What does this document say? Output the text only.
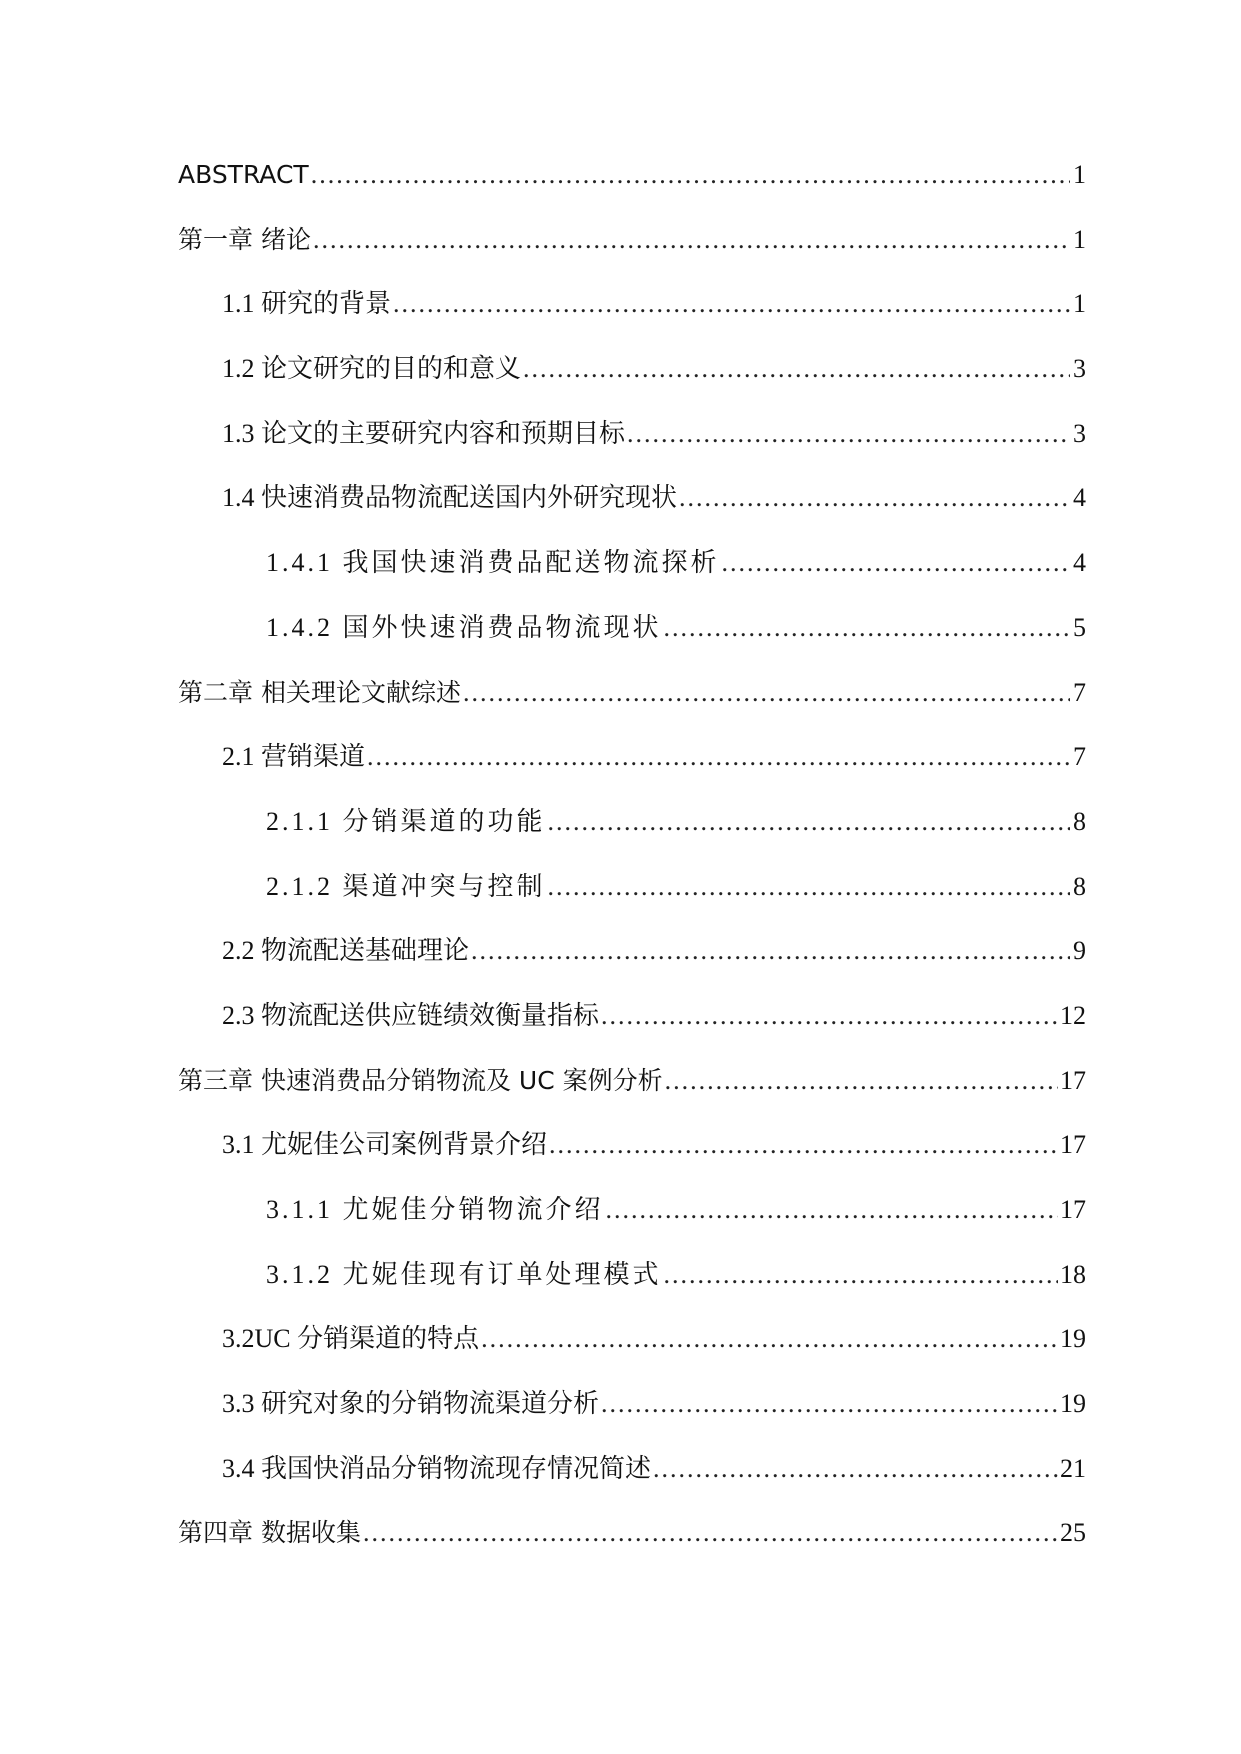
ABSTRACT .....	1
第一章 绪论 .....	1
1.1 研究的背景 .....	1
1.2 论文研究的目的和意义 .....	3
1.3 论文的主要研究内容和预期目标 .....	3
1.4 快速消费品物流配送国内外研究现状 .....	4
1.4.1 我国快速消费品配送物流探析 .....	4
1.4.2 国外快速消费品物流现状 .....	5
第二章 相关理论文献综述 .....	7
2.1 营销渠道 .....	7
2.1.1 分销渠道的功能 .....	8
2.1.2 渠道冲突与控制 .....	8
2.2 物流配送基础理论 .....	9
2.3 物流配送供应链绩效衡量指标 .....	12
第三章 快速消费品分销物流及 UC 案例分析 .....	17
3.1 尤妮佳公司案例背景介绍 .....	17
3.1.1 尤妮佳分销物流介绍 .....	17
3.1.2 尤妮佳现有订单处理模式 .....	18
3.2UC 分销渠道的特点 .....	19
3.3 研究对象的分销物流渠道分析 .....	19
3.4 我国快消品分销物流现存情况简述 .....	21
第四章 数据收集 .....	25
